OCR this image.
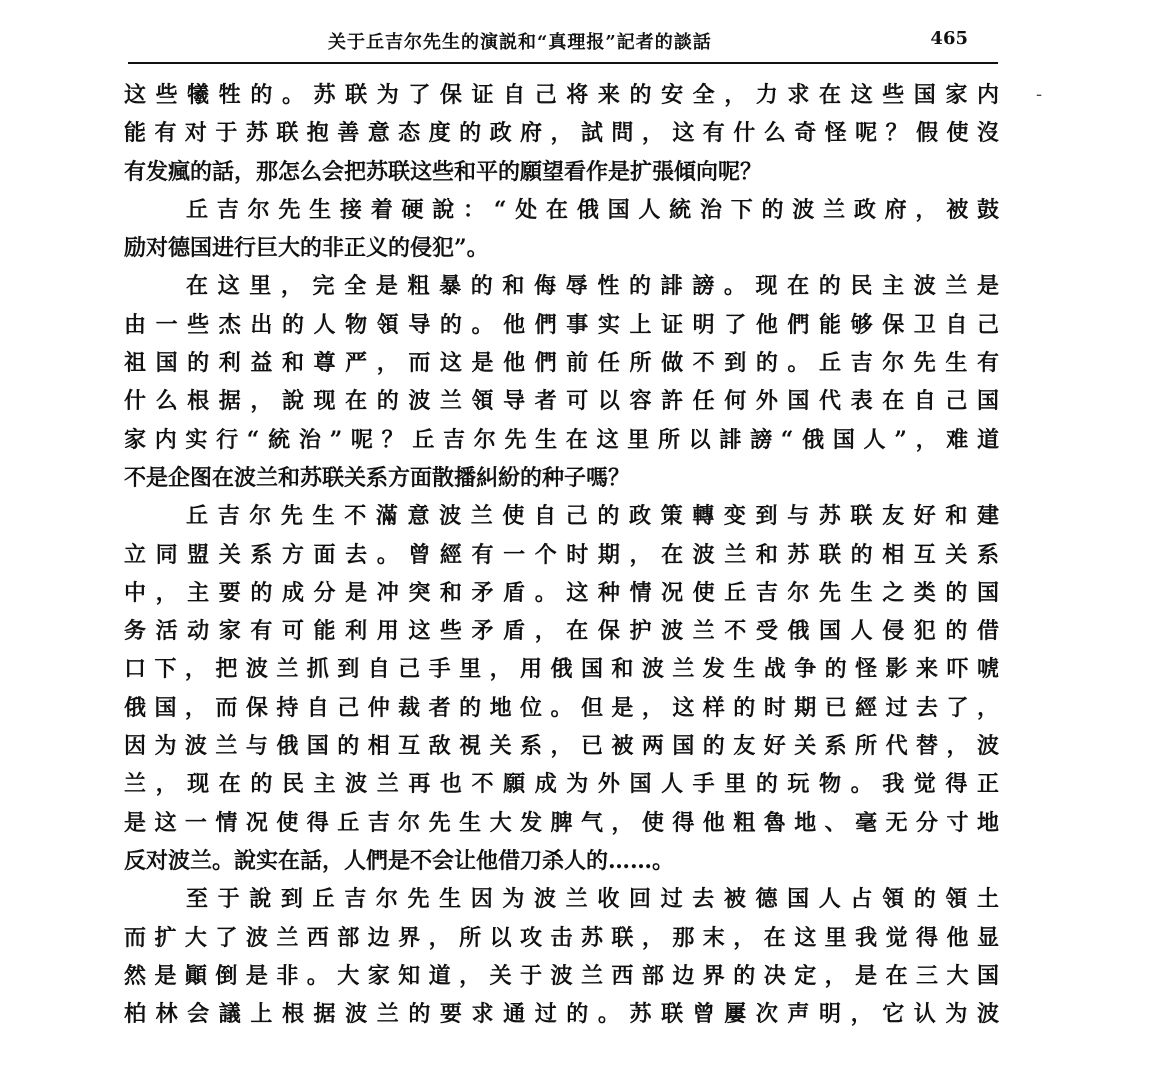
关于丘吉尔先生的演説和“真理报”記者的談話	465
-
这些犧牲的。苏联为了保证自己将来的安全，力求在这些国家内
能有对于苏联抱善意态度的政府，試問，这有什么奇怪呢？假使沒
有发瘋的話，那怎么会把苏联这些和平的願望看作是扩張傾向呢？
丘吉尔先生接着硬說：“处在俄国人統治下的波兰政府，被鼓
励对德国进行巨大的非正义的侵犯”。
在这里，完全是粗暴的和侮辱性的誹謗。现在的民主波兰是
由一些杰出的人物領导的。他們事实上证明了他們能够保卫自己
祖国的利益和尊严，而这是他們前任所做不到的。丘吉尔先生有
什么根据，說现在的波兰領导者可以容許任何外国代表在自己国
家内实行“統治”呢？丘吉尔先生在这里所以誹謗“俄国人”，难道
不是企图在波兰和苏联关系方面散播糾紛的种子嗎？
丘吉尔先生不滿意波兰使自己的政策轉变到与苏联友好和建
立同盟关系方面去。曾經有一个时期，在波兰和苏联的相互关系
中，主要的成分是冲突和矛盾。这种情况使丘吉尔先生之类的国
务活动家有可能利用这些矛盾，在保护波兰不受俄国人侵犯的借
口下，把波兰抓到自己手里，用俄国和波兰发生战争的怪影来吓唬
俄国，而保持自己仲裁者的地位。但是，这样的时期已經过去了，
因为波兰与俄国的相互敌視关系，已被两国的友好关系所代替，波
兰，现在的民主波兰再也不願成为外国人手里的玩物。我觉得正
是这一情况使得丘吉尔先生大发脾气，使得他粗魯地、毫无分寸地
反对波兰。說实在話，人們是不会让他借刀杀人的……。
至于說到丘吉尔先生因为波兰收回过去被德国人占領的領土
而扩大了波兰西部边界，所以攻击苏联，那末，在这里我觉得他显
然是顚倒是非。大家知道，关于波兰西部边界的决定，是在三大国
柏林会議上根据波兰的要求通过的。苏联曾屢次声明，它认为波
